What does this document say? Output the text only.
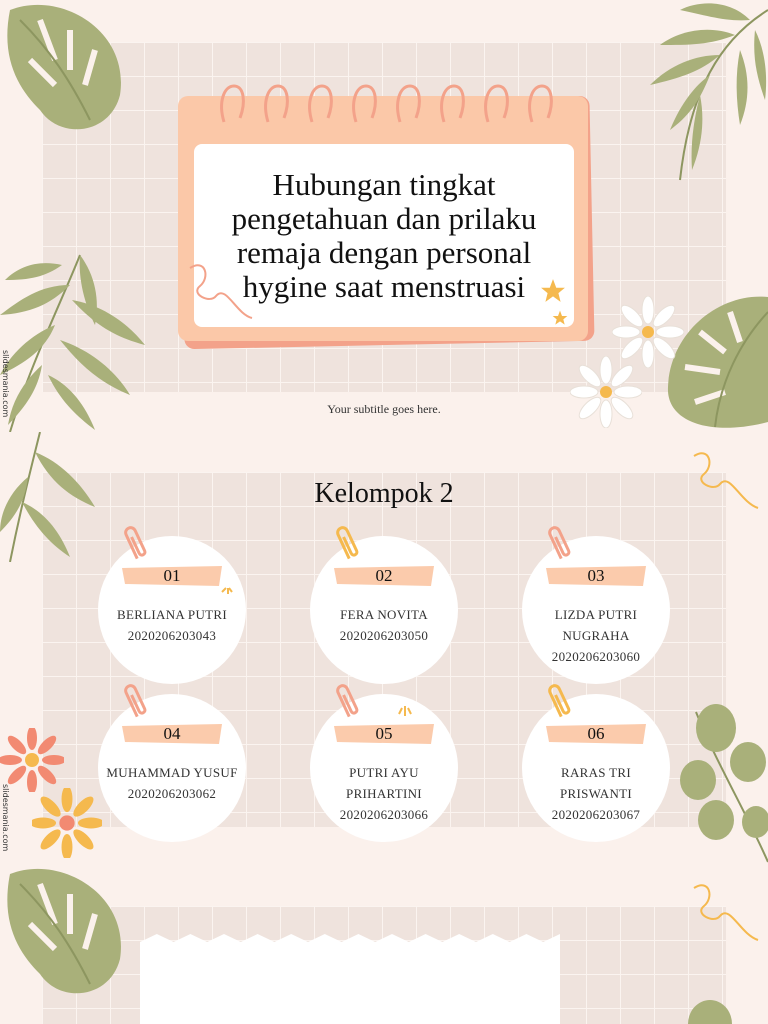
Hubungan tingkat pengetahuan dan prilaku remaja dengan personal hygine saat menstruasi
Your subtitle goes here.
slidesmania.com
Kelompok 2
01
BERLIANA PUTRI
2020206203043
02
FERA NOVITA
2020206203050
03
LIZDA PUTRI NUGRAHA
2020206203060
04
MUHAMMAD YUSUF
2020206203062
05
PUTRI AYU PRIHARTINI
2020206203066
06
RARAS TRI PRISWANTI
2020206203067
slidesmania.com
